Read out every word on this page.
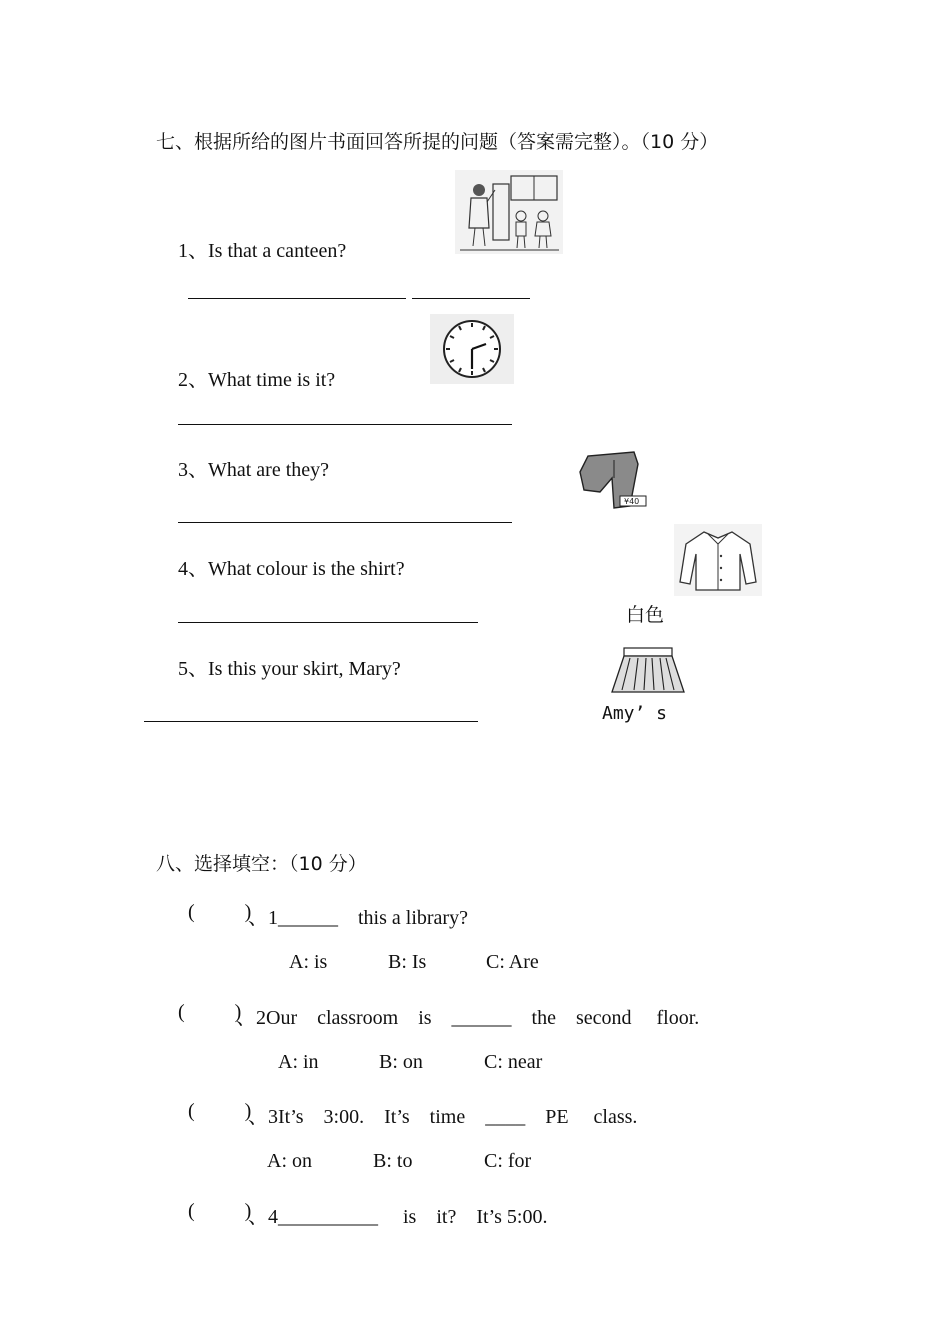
七、根据所给的图片书面回答所提的问题（答案需完整）。（10 分）
1、Is that a canteen?
2、What time is it?
3、What are they?
¥40
4、What colour is the shirt?
白色
5、Is this your skirt, Mary?
Amy’ s
八、选择填空：（10 分）
(          )
、1______    this a library?
A: is	B: Is	C: Are
(          )
、2Our    classroom    is    ______    the    second     floor.
A: in	B: on	C: near
(          )
、3It’s    3:00.    It’s    time    ____    PE     class.
A: on	B: to	C: for
(          )
、4__________     is    it?    It’s 5:00.
